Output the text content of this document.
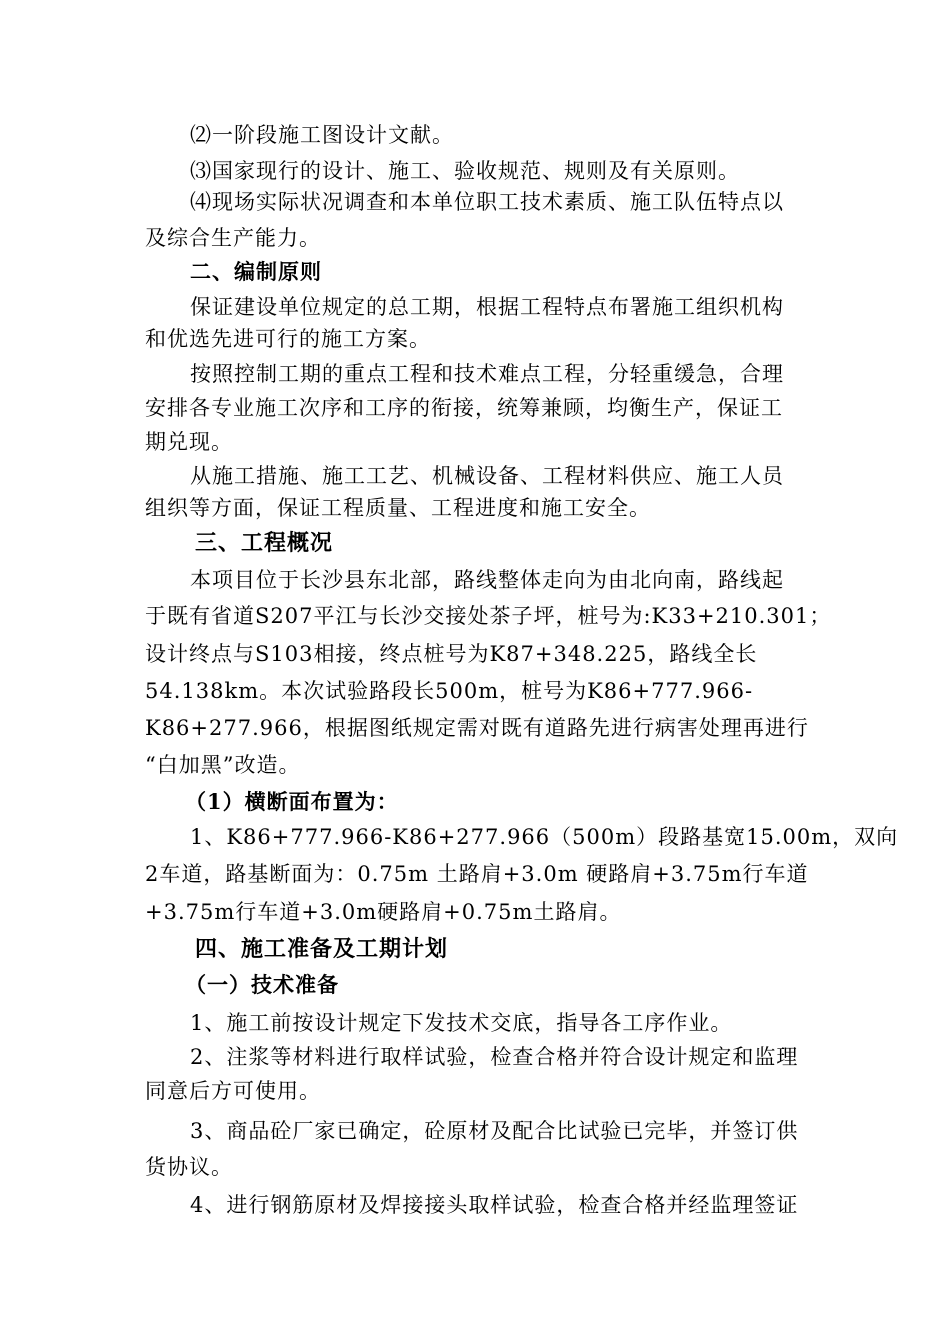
⑵一阶段施工图设计文献。
⑶国家现行的设计、施工、验收规范、规则及有关原则。
⑷现场实际状况调查和本单位职工技术素质、施工队伍特点以
及综合生产能力。
二、编制原则
保证建设单位规定的总工期，根据工程特点布署施工组织机构
和优选先进可行的施工方案。
按照控制工期的重点工程和技术难点工程，分轻重缓急，合理
安排各专业施工次序和工序的衔接，统筹兼顾，均衡生产，保证工
期兑现。
从施工措施、施工工艺、机械设备、工程材料供应、施工人员
组织等方面，保证工程质量、工程进度和施工安全。
三、工程概况
本项目位于长沙县东北部，路线整体走向为由北向南，路线起
于既有省道S207平江与长沙交接处茶子坪，桩号为:K33+210.301；
设计终点与S103相接，终点桩号为K87+348.225，路线全长
54.138km。本次试验路段长500m，桩号为K86+777.966-
K86+277.966，根据图纸规定需对既有道路先进行病害处理再进行
“白加黑”改造。
（1）横断面布置为：
1、K86+777.966-K86+277.966（500m）段路基宽15.00m，双向
2车道，路基断面为：0.75m 土路肩+3.0m 硬路肩+3.75m行车道
+3.75m行车道+3.0m硬路肩+0.75m土路肩。
四、施工准备及工期计划
（一）技术准备
1、施工前按设计规定下发技术交底，指导各工序作业。
2、注浆等材料进行取样试验，检查合格并符合设计规定和监理
同意后方可使用。
3、商品砼厂家已确定，砼原材及配合比试验已完毕，并签订供
货协议。
4、进行钢筋原材及焊接接头取样试验，检查合格并经监理签证
